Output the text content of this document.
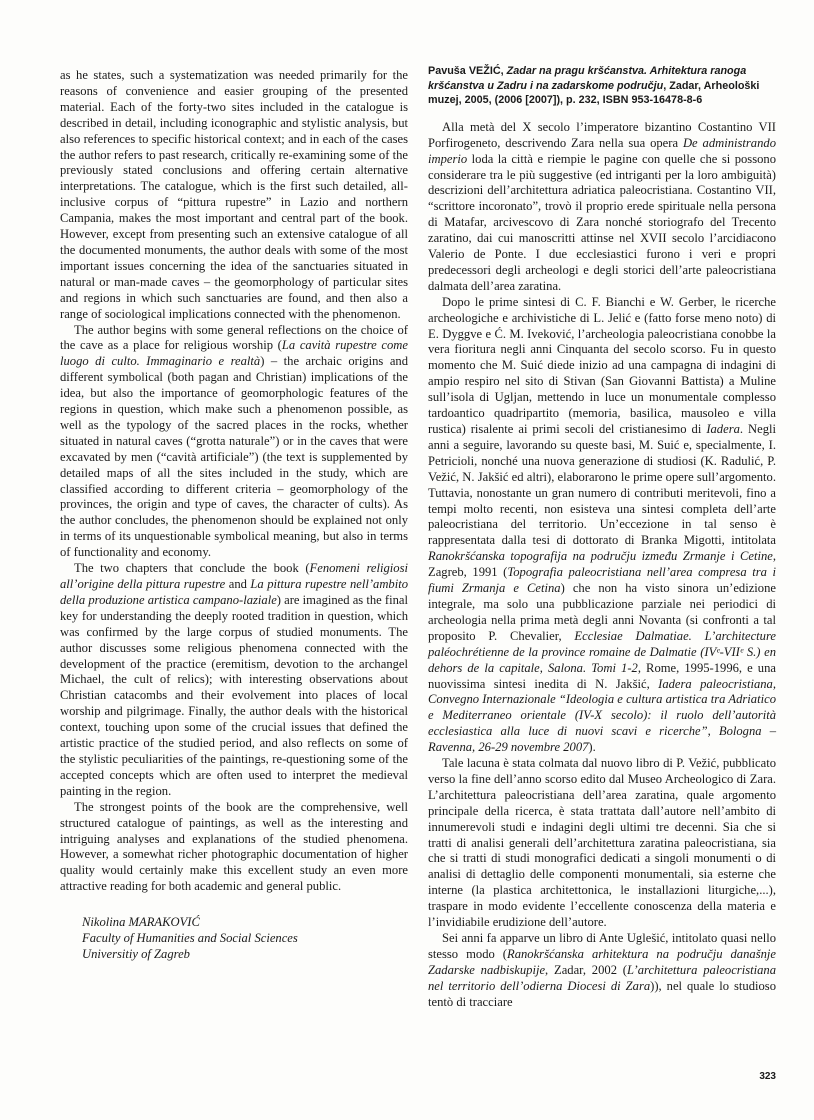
as he states, such a systematization was needed primarily for the reasons of convenience and easier grouping of the presented material. Each of the forty-two sites included in the catalogue is described in detail, including iconographic and stylistic analysis, but also references to specific historical context; and in each of the cases the author refers to past research, critically re-examining some of the previously stated conclusions and offering certain alternative interpretations. The catalogue, which is the first such detailed, all-inclusive corpus of “pittura rupestre” in Lazio and northern Campania, makes the most important and central part of the book. However, except from presenting such an extensive catalogue of all the documented monuments, the author deals with some of the most important issues concerning the idea of the sanctuaries situated in natural or man-made caves – the geomorphology of particular sites and regions in which such sanctuaries are found, and then also a range of sociological implications connected with the phenomenon.

The author begins with some general reflections on the choice of the cave as a place for religious worship (La cavità rupestre come luogo di culto. Immaginario e realtà) – the archaic origins and different symbolical (both pagan and Christian) implications of the idea, but also the importance of geomorphologic features of the regions in question, which make such a phenomenon possible, as well as the typology of the sacred places in the rocks, whether situated in natural caves (“grotta naturale”) or in the caves that were excavated by men (“cavità artificiale”) (the text is supplemented by detailed maps of all the sites included in the study, which are classified according to different criteria – geomorphology of the provinces, the origin and type of caves, the character of cults). As the author concludes, the phenomenon should be explained not only in terms of its unquestionable symbolical meaning, but also in terms of functionality and economy.

The two chapters that conclude the book (Fenomeni religiosi all’origine della pittura rupestre and La pittura rupestre nell’ambito della produzione artistica campano-laziale) are imagined as the final key for understanding the deeply rooted tradition in question, which was confirmed by the large corpus of studied monuments. The author discusses some religious phenomena connected with the development of the practice (eremitism, devotion to the archangel Michael, the cult of relics); with interesting observations about Christian catacombs and their evolvement into places of local worship and pilgrimage. Finally, the author deals with the historical context, touching upon some of the crucial issues that defined the artistic practice of the studied period, and also reflects on some of the stylistic peculiarities of the paintings, re-questioning some of the accepted concepts which are often used to interpret the medieval painting in the region.

The strongest points of the book are the comprehensive, well structured catalogue of paintings, as well as the interesting and intriguing analyses and explanations of the studied phenomena. However, a somewhat richer photographic documentation of higher quality would certainly make this excellent study an even more attractive reading for both academic and general public.

Nikolina MARAKOVIĆ
Faculty of Humanities and Social Sciences
Universitiy of Zagreb
Pavuša VEŽIĆ, Zadar na pragu kršćanstva. Arhitektura ranoga kršćanstva u Zadru i na zadarskome području, Zadar, Arheološki muzej, 2005, (2006 [2007]), p. 232, ISBN 953-16478-8-6

Alla metà del X secolo l’imperatore bizantino Costantino VII Porfirogeneto, descrivendo Zara nella sua opera De administrando imperio loda la città e riempie le pagine con quelle che si possono considerare tra le più suggestive (ed intriganti per la loro ambiguità) descrizioni dell’architettura adriatica paleocristiana. Costantino VII, “scrittore incoronato”, trovò il proprio erede spirituale nella persona di Matafar, arcivescovo di Zara nonché storiografo del Trecento zaratino, dai cui manoscritti attinse nel XVII secolo l’arcidiacono Valerio de Ponte. I due ecclesiastici furono i veri e propri predecessori degli archeologi e degli storici dell’arte paleocristiana dalmata dell’area zaratina.

Dopo le prime sintesi di C. F. Bianchi e W. Gerber, le ricerche archeologiche e archivistiche di L. Jelić e (fatto forse meno noto) di E. Dyggve e Ć. M. Iveković, l’archeologia paleocristiana conobbe la vera fioritura negli anni Cinquanta del secolo scorso. Fu in questo momento che M. Suić diede inizio ad una campagna di indagini di ampio respiro nel sito di Stivan (San Giovanni Battista) a Muline sull’isola di Ugljan, mettendo in luce un monumentale complesso tardoantico quadripartito (memoria, basilica, mausoleo e villa rustica) risalente ai primi secoli del cristianesimo di Iadera. Negli anni a seguire, lavorando su queste basi, M. Suić e, specialmente, I. Petricioli, nonché una nuova generazione di studiosi (K. Radulić, P. Vežić, N. Jakšić ed altri), elaborarono le prime opere sull’argomento. Tuttavia, nonostante un gran numero di contributi meritevoli, fino a tempi molto recenti, non esisteva una sintesi completa dell’arte paleocristiana del territorio. Un’eccezione in tal senso è rappresentata dalla tesi di dottorato di Branka Migotti, intitolata Ranokršćanska topografija na području između Zrmanje i Cetine, Zagreb, 1991 (Topografia paleocristiana nell’area compresa tra i fiumi Zrmanja e Cetina) che non ha visto sinora un’edizione integrale, ma solo una pubblicazione parziale nei periodici di archeologia nella prima metà degli anni Novanta (si confronti a tal proposito P. Chevalier, Ecclesiae Dalmatiae. L’architecture paléochrétienne de la province romaine de Dalmatie (IVᵉ-VIIᵉ S.) en dehors de la capitale, Salona. Tomi 1-2, Rome, 1995-1996, e una nuovissima sintesi inedita di N. Jakšić, Iadera paleocristiana, Convegno Internazionale “Ideologia e cultura artistica tra Adriatico e Mediterraneo orientale (IV-X secolo): il ruolo dell’autorità ecclesiastica alla luce di nuovi scavi e ricerche”, Bologna – Ravenna, 26-29 novembre 2007).

Tale lacuna è stata colmata dal nuovo libro di P. Vežić, pubblicato verso la fine dell’anno scorso edito dal Museo Archeologico di Zara. L’architettura paleocristiana dell’area zaratina, quale argomento principale della ricerca, è stata trattata dall’autore nell’ambito di innumerevoli studi e indagini degli ultimi tre decenni. Sia che si tratti di analisi generali dell’architettura zaratina paleocristiana, sia che si tratti di studi monografici dedicati a singoli monumenti o di analisi di dettaglio delle componenti monumentali, sia esterne che interne (la plastica architettonica, le installazioni liturgiche,...), traspare in modo evidente l’eccellente conoscenza della materia e l’invidiabile erudizione dell’autore.

Sei anni fa apparve un libro di Ante Uglešić, intitolato quasi nello stesso modo (Ranokršćanska arhitektura na području današnje Zadarske nadbiskupije, Zadar, 2002 (L’architettura paleocristiana nel territorio dell’odierna Diocesi di Zara)), nel quale lo studioso tentò di tracciare

323
